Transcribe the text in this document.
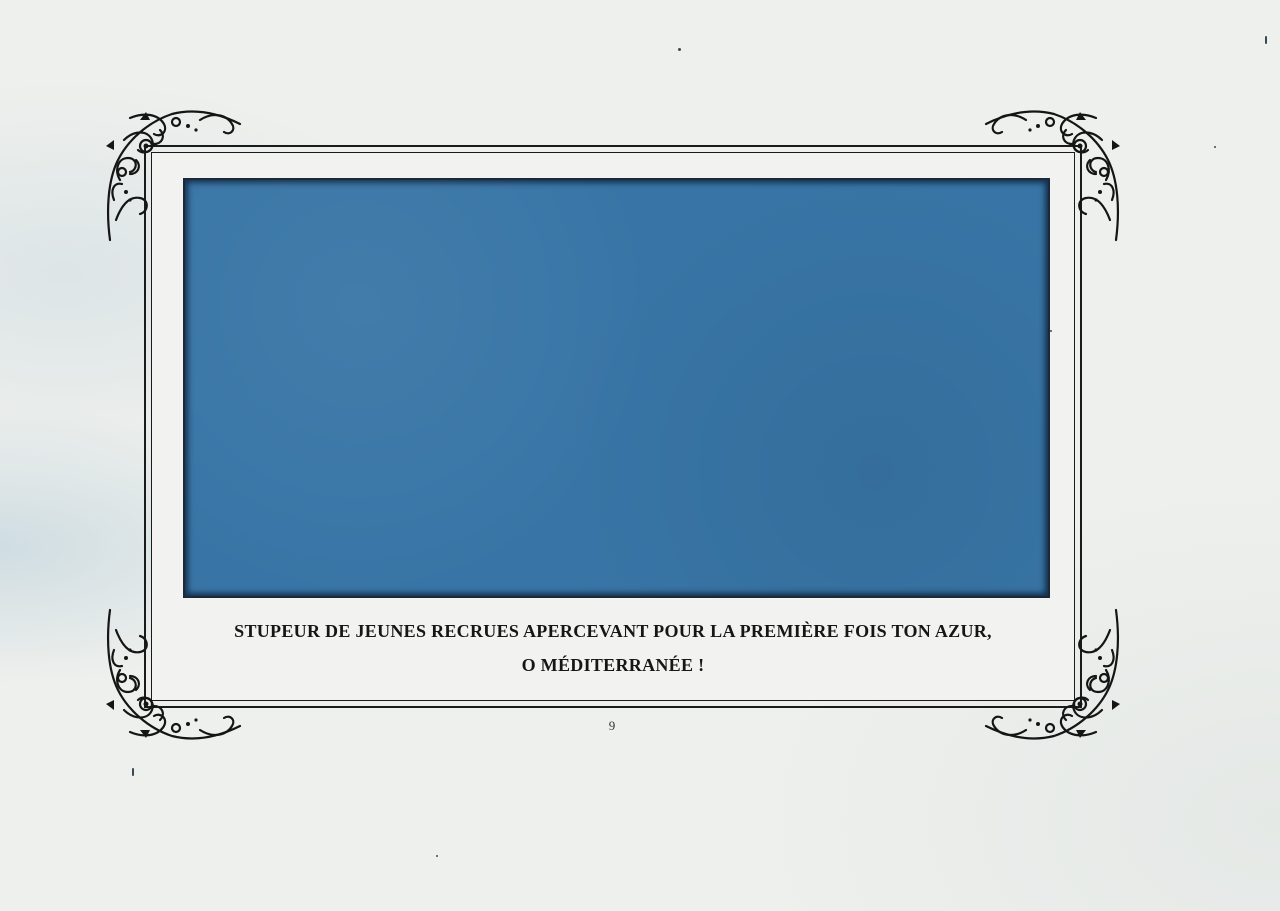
STUPEUR DE JEUNES RECRUES APERCEVANT POUR LA PREMIÈRE FOIS TON AZUR,
O MÉDITERRANÉE !
9
